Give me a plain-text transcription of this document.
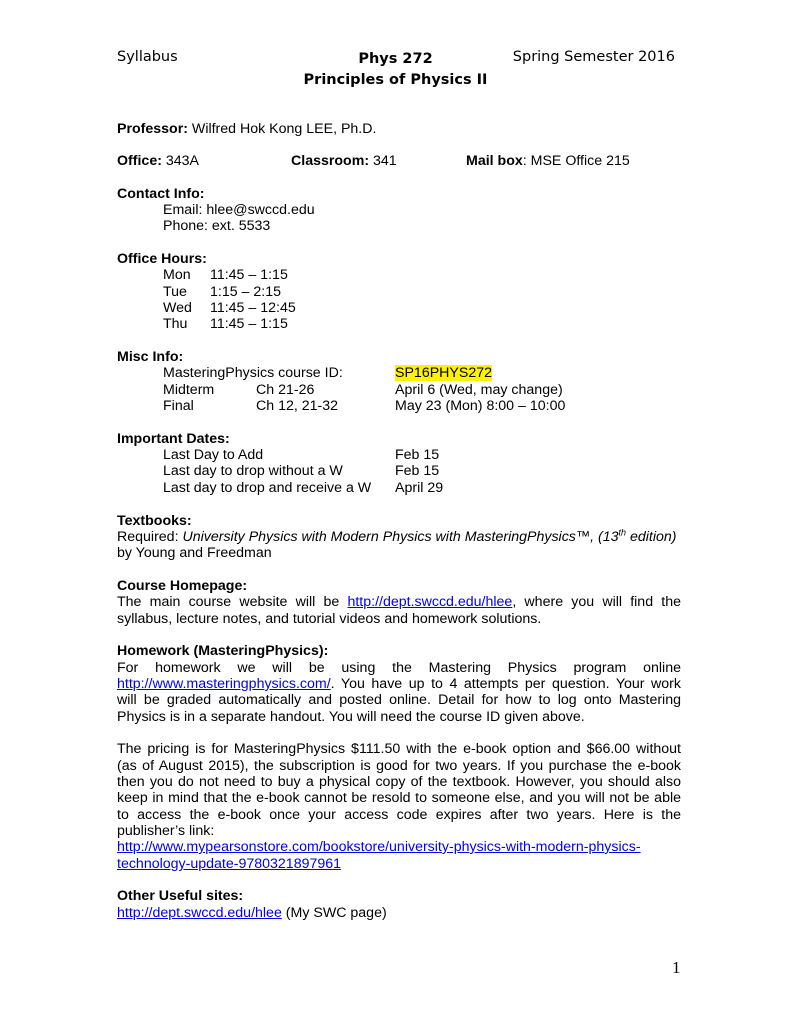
Syllabus	Spring Semester 2016
Phys 272
Principles of Physics II
Professor: Wilfred Hok Kong LEE, Ph.D.
Office: 343A	Classroom: 341	Mail box: MSE Office 215
Contact Info:
Email: hlee@swccd.edu
Phone: ext. 5533
Office Hours:
Mon 11:45 – 1:15
Tue 1:15 – 2:15
Wed 11:45 – 12:45
Thu 11:45 – 1:15
Misc Info:
MasteringPhysics course ID:	SP16PHYS272
Midterm	Ch 21-26	April 6 (Wed, may change)
Final	Ch 12, 21-32	May 23 (Mon) 8:00 – 10:00
Important Dates:
Last Day to Add	Feb 15
Last day to drop without a W	Feb 15
Last day to drop and receive a W April 29
Textbooks:
Required: University Physics with Modern Physics with MasteringPhysics™, (13th edition)
by Young and Freedman
Course Homepage:
The main course website will be http://dept.swccd.edu/hlee, where you will find the
syllabus, lecture notes, and tutorial videos and homework solutions.
Homework (MasteringPhysics):
For homework we will be using the Mastering Physics program online
http://www.masteringphysics.com/. You have up to 4 attempts per question. Your work
will be graded automatically and posted online. Detail for how to log onto Mastering
Physics is in a separate handout. You will need the course ID given above.
The pricing is for MasteringPhysics $111.50 with the e-book option and $66.00 without
(as of August 2015), the subscription is good for two years. If you purchase the e-book
then you do not need to buy a physical copy of the textbook. However, you should also
keep in mind that the e-book cannot be resold to someone else, and you will not be able
to access the e-book once your access code expires after two years. Here is the
publisher’s link:
http://www.mypearsonstore.com/bookstore/university-physics-with-modern-physics-
technology-update-9780321897961
Other Useful sites:
http://dept.swccd.edu/hlee (My SWC page)
1
